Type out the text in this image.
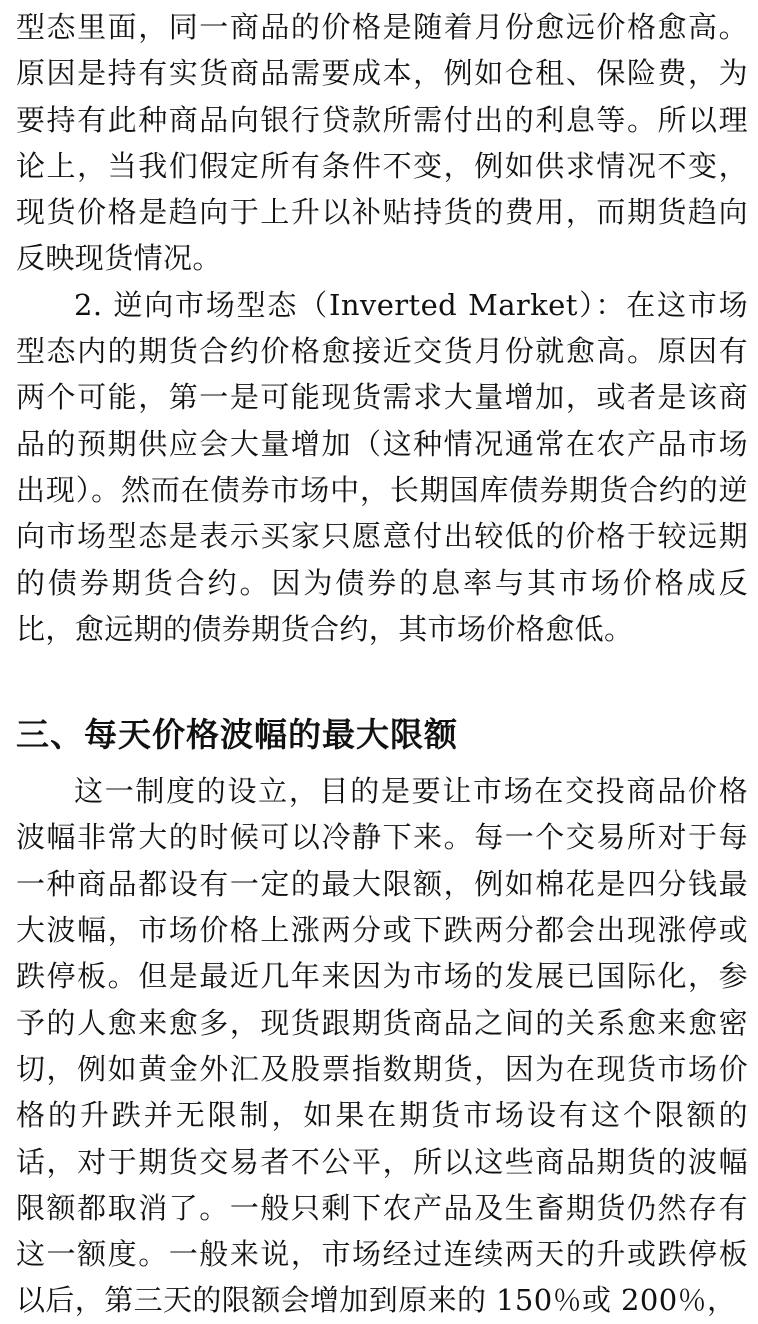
型态里面，同一商品的价格是随着月份愈远价格愈高。原因是持有实货商品需要成本，例如仓租、保险费，为要持有此种商品向银行贷款所需付出的利息等。所以理论上，当我们假定所有条件不变，例如供求情况不变，现货价格是趋向于上升以补贴持货的费用，而期货趋向反映现货情况。

2. 逆向市场型态（Inverted Market）：在这市场型态内的期货合约价格愈接近交货月份就愈高。原因有两个可能，第一是可能现货需求大量增加，或者是该商品的预期供应会大量增加（这种情况通常在农产品市场出现）。然而在债券市场中，长期国库债券期货合约的逆向市场型态是表示买家只愿意付出较低的价格于较远期的债券期货合约。因为债券的息率与其市场价格成反比，愈远期的债券期货合约，其市场价格愈低。

三、每天价格波幅的最大限额

这一制度的设立，目的是要让市场在交投商品价格波幅非常大的时候可以冷静下来。每一个交易所对于每一种商品都设有一定的最大限额，例如棉花是四分钱最大波幅，市场价格上涨两分或下跌两分都会出现涨停或跌停板。但是最近几年来因为市场的发展已国际化，参予的人愈来愈多，现货跟期货商品之间的关系愈来愈密切，例如黄金外汇及股票指数期货，因为在现货市场价格的升跌并无限制，如果在期货市场设有这个限额的话，对于期货交易者不公平，所以这些商品期货的波幅限额都取消了。一般只剩下农产品及生畜期货仍然存有这一额度。一般来说，市场经过连续两天的升或跌停板以后，第三天的限额会增加到原来的 150％或 200％，
